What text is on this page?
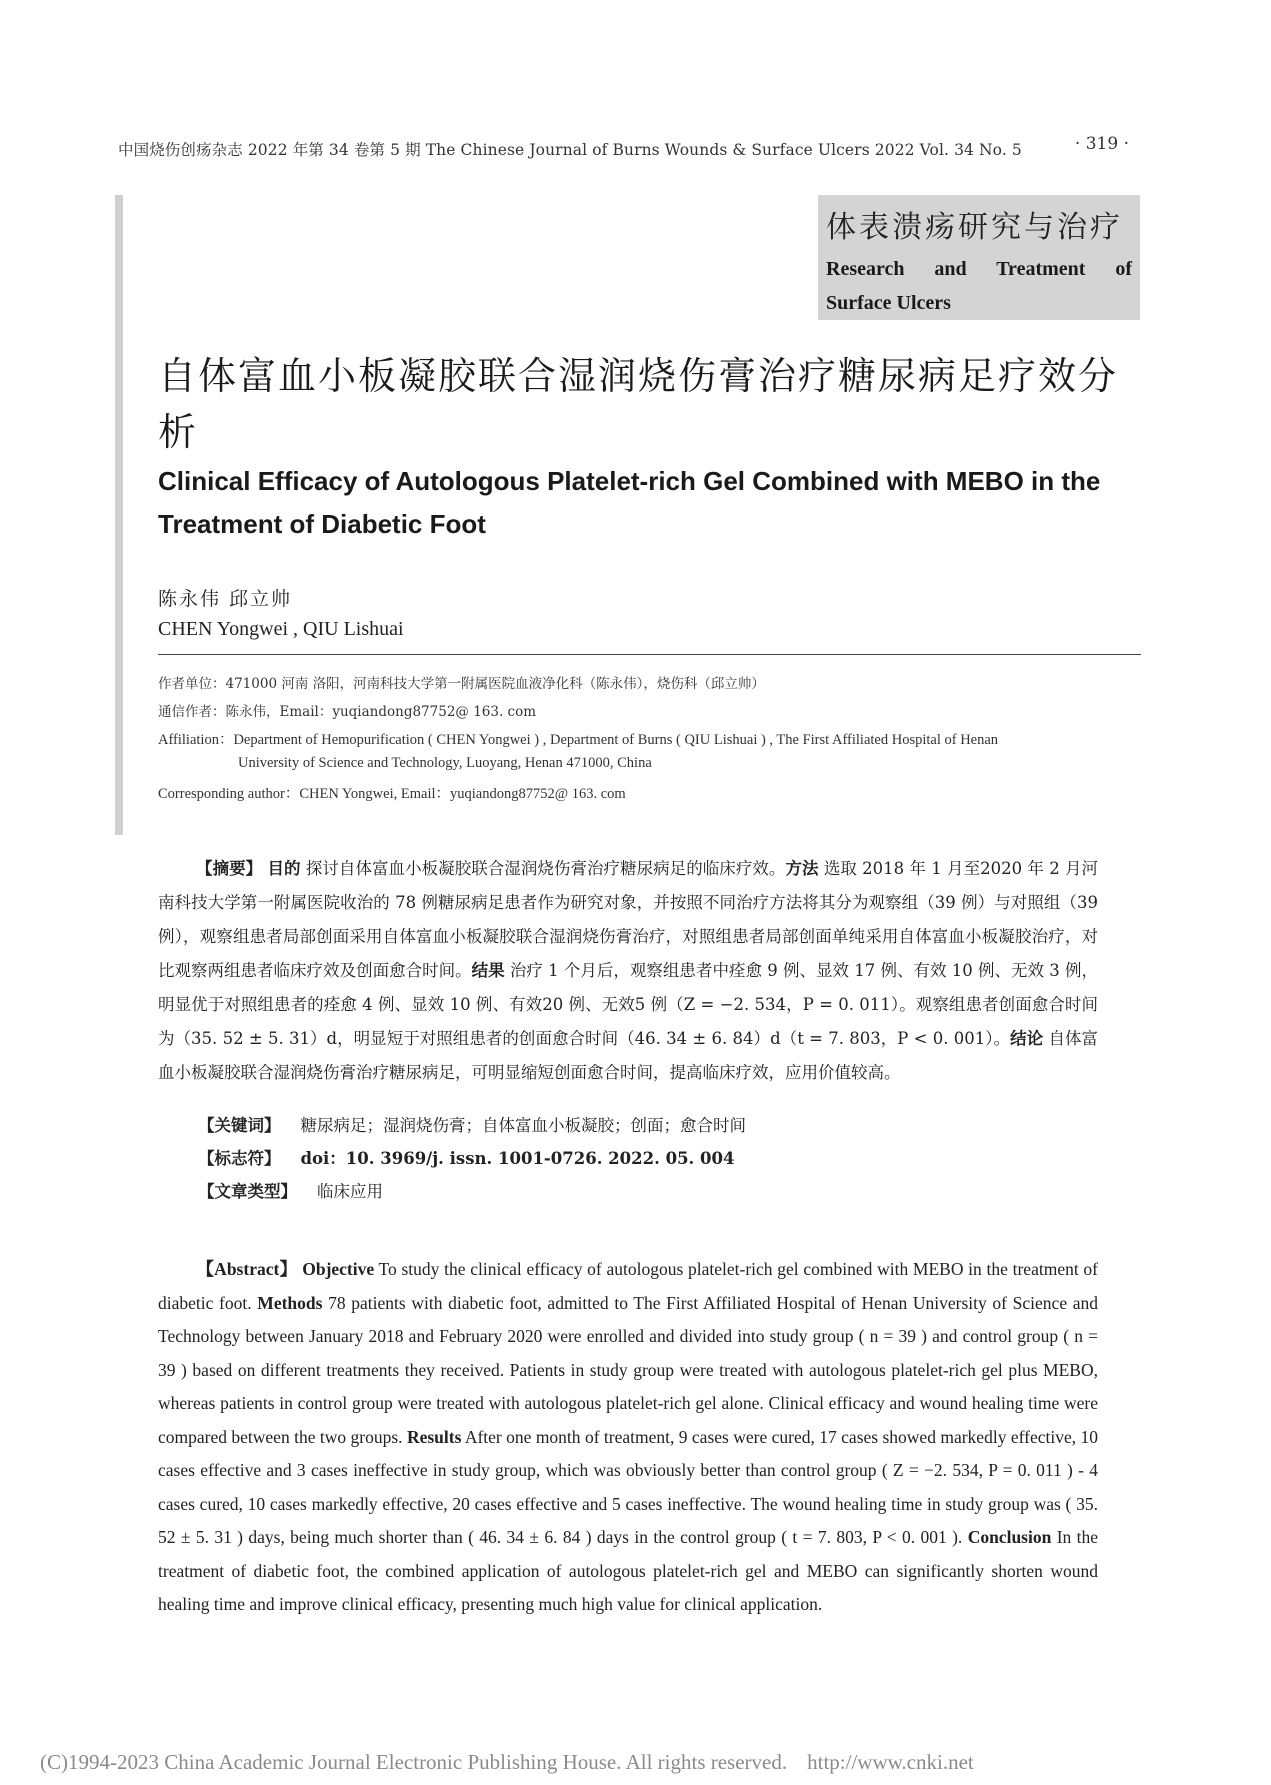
中国烧伤创疡杂志 2022 年第 34 卷第 5 期 The Chinese Journal of Burns Wounds & Surface Ulcers 2022 Vol. 34 No. 5	· 319 ·
体表溃疡研究与治疗
Research and Treatment of
Surface Ulcers
自体富血小板凝胶联合湿润烧伤膏治疗糖尿病足疗效分析
Clinical Efficacy of Autologous Platelet-rich Gel Combined with MEBO in the Treatment of Diabetic Foot
陈永伟 邱立帅
CHEN Yongwei , QIU Lishuai
作者单位：471000 河南 洛阳，河南科技大学第一附属医院血液净化科（陈永伟），烧伤科（邱立帅）
通信作者：陈永伟，Email：yuqiandong87752@ 163. com
Affiliation：Department of Hemopurification ( CHEN Yongwei ) , Department of Burns ( QIU Lishuai ) , The First Affiliated Hospital of Henan
University of Science and Technology, Luoyang, Henan 471000, China
Corresponding author：CHEN Yongwei, Email：yuqiandong87752@ 163. com
【摘要】 目的 探讨自体富血小板凝胶联合湿润烧伤膏治疗糖尿病足的临床疗效。方法 选取 2018 年 1 月至2020 年 2 月河南科技大学第一附属医院收治的 78 例糖尿病足患者作为研究对象，并按照不同治疗方法将其分为观察组（39 例）与对照组（39 例），观察组患者局部创面采用自体富血小板凝胶联合湿润烧伤膏治疗，对照组患者局部创面单纯采用自体富血小板凝胶治疗，对比观察两组患者临床疗效及创面愈合时间。结果 治疗 1 个月后，观察组患者中痊愈 9 例、显效 17 例、有效 10 例、无效 3 例，明显优于对照组患者的痊愈 4 例、显效 10 例、有效20 例、无效5 例（Z = −2. 534，P = 0. 011）。观察组患者创面愈合时间为（35. 52 ± 5. 31）d，明显短于对照组患者的创面愈合时间（46. 34 ± 6. 84）d（t = 7. 803，P < 0. 001）。结论 自体富血小板凝胶联合湿润烧伤膏治疗糖尿病足，可明显缩短创面愈合时间，提高临床疗效，应用价值较高。
【关键词】 糖尿病足；湿润烧伤膏；自体富血小板凝胶；创面；愈合时间
【标志符】 doi：10. 3969/j. issn. 1001-0726. 2022. 05. 004
【文章类型】 临床应用
【Abstract】 Objective To study the clinical efficacy of autologous platelet-rich gel combined with MEBO in the treatment of diabetic foot. Methods 78 patients with diabetic foot, admitted to The First Affiliated Hospital of Henan University of Science and Technology between January 2018 and February 2020 were enrolled and divided into study group ( n = 39 ) and control group ( n = 39 ) based on different treatments they received. Patients in study group were treated with autologous platelet-rich gel plus MEBO, whereas patients in control group were treated with autologous platelet-rich gel alone. Clinical efficacy and wound healing time were compared between the two groups. Results After one month of treatment, 9 cases were cured, 17 cases showed markedly effective, 10 cases effective and 3 cases ineffective in study group, which was obviously better than control group ( Z = −2. 534, P = 0. 011 ) - 4 cases cured, 10 cases markedly effective, 20 cases effective and 5 cases ineffective. The wound healing time in study group was ( 35. 52 ± 5. 31 ) days, being much shorter than ( 46. 34 ± 6. 84 ) days in the control group ( t = 7. 803, P < 0. 001 ). Conclusion In the treatment of diabetic foot, the combined application of autologous platelet-rich gel and MEBO can significantly shorten wound healing time and improve clinical efficacy, presenting much high value for clinical application.
(C)1994-2023 China Academic Journal Electronic Publishing House. All rights reserved. http://www.cnki.net
